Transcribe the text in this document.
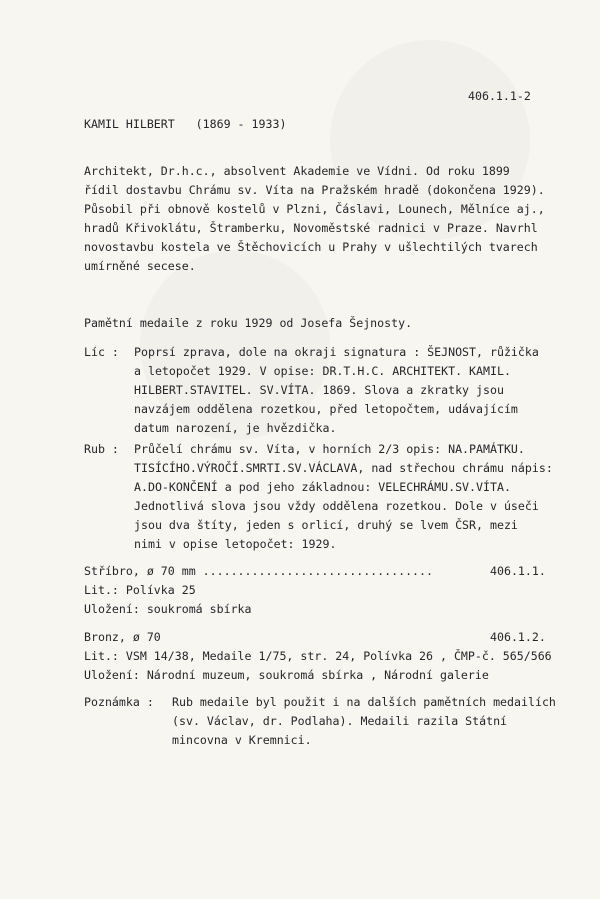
406.1.1-2
KAMIL HILBERT   (1869 - 1933)
Architekt, Dr.h.c., absolvent Akademie ve Vídni. Od roku 1899
řídil dostavbu Chrámu sv. Víta na Pražském hradě (dokončena 1929).
Působil při obnově kostelů v Plzni, Čáslavi, Lounech, Mělníce aj.,
hradů Křivoklátu, Štramberku, Novoměstské radnici v Praze. Navrhl
novostavbu kostela ve Štěchovicích u Prahy v ušlechtilých tvarech
umírněné secese.
Pamětní medaile z roku 1929 od Josefa Šejnosty.
Líc : Poprsí zprava, dole na okraji signatura : ŠEJNOST, růžička
a letopočet 1929. V opise: DR.T.H.C. ARCHITEKT. KAMIL.
HILBERT.STAVITEL. SV.VÍTA. 1869. Slova a zkratky jsou
navzájem oddělena rozetkou, před letopočtem, udávajícím
datum narození, je hvězdička.
Rub : Průčelí chrámu sv. Víta, v horních 2/3 opis: NA.PAMÁTKU.
TISÍCÍHO.VÝROČÍ.SMRTI.SV.VÁCLAVA, nad střechou chrámu nápis:
A.DO-KONČENÍ a pod jeho základnou: VELECHRÁMU.SV.VÍTA.
Jednotlivá slova jsou vždy oddělena rozetkou. Dole v úseči
jsou dva štíty, jeden s orlicí, druhý se lvem ČSR, mezi
nimi v opise letopočet: 1929.
Stříbro, ø 70 mm .................................	406.1.1.
Lit.: Polívka 25
Uložení: soukromá sbírka
Bronz, ø 70	406.1.2.
Lit.: VSM 14/38, Medaile 1/75, str. 24, Polívka 26 , ČMP-č. 565/566
Uložení: Národní muzeum, soukromá sbírka , Národní galerie
Poznámka : Rub medaile byl použit i na dalších pamětních medailích
(sv. Václav, dr. Podlaha). Medaili razila Státní
mincovna v Kremnici.
